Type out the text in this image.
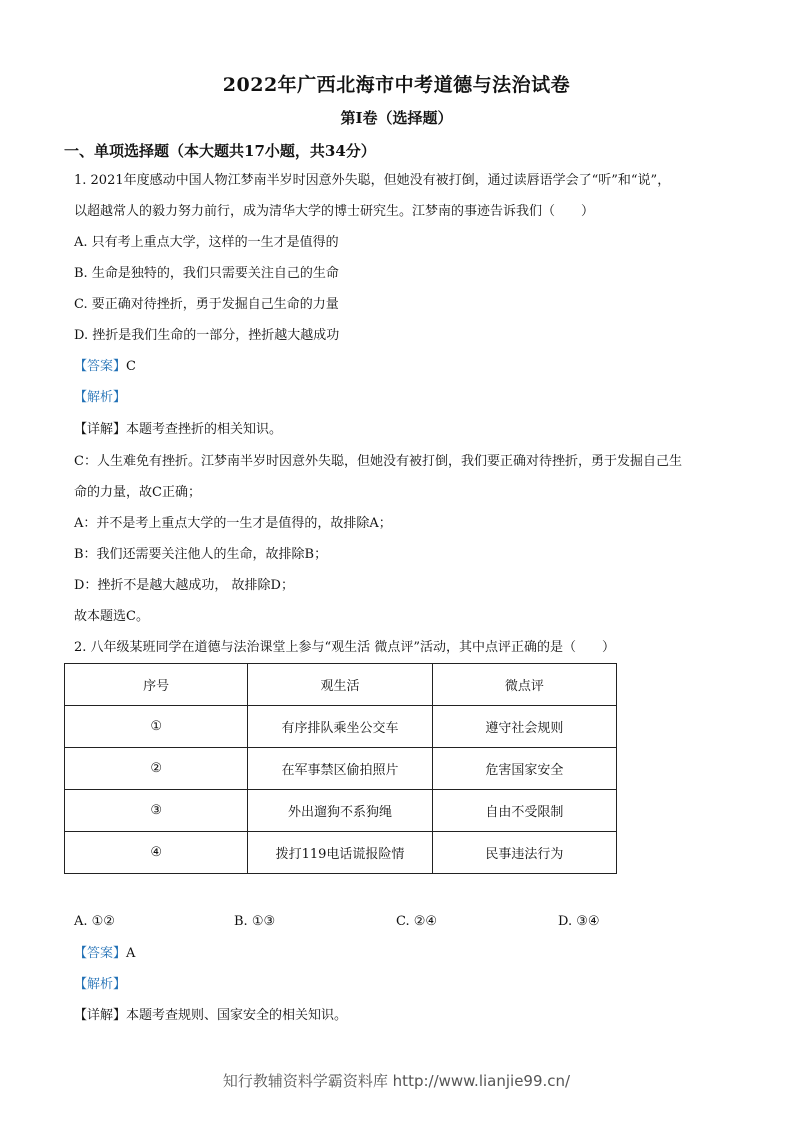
2022年广西北海市中考道德与法治试卷
第I卷（选择题）
一、单项选择题（本大题共17小题，共34分）
1. 2021年度感动中国人物江梦南半岁时因意外失聪，但她没有被打倒，通过读唇语学会了“听”和“说”，
以超越常人的毅力努力前行，成为清华大学的博士研究生。江梦南的事迹告诉我们（　　）
A. 只有考上重点大学，这样的一生才是值得的
B. 生命是独特的，我们只需要关注自己的生命
C. 要正确对待挫折，勇于发掘自己生命的力量
D. 挫折是我们生命的一部分，挫折越大越成功
【答案】C
【解析】
【详解】本题考查挫折的相关知识。
C：人生难免有挫折。江梦南半岁时因意外失聪，但她没有被打倒，我们要正确对待挫折，勇于发掘自己生
命的力量，故C正确；
A：并不是考上重点大学的一生才是值得的，故排除A；
B：我们还需要关注他人的生命，故排除B；
D：挫折不是越大越成功， 故排除D；
故本题选C。
2. 八年级某班同学在道德与法治课堂上参与“观生活 微点评”活动，其中点评正确的是（　　）
序号	观生活	微点评
①	有序排队乘坐公交车	遵守社会规则
②	在军事禁区偷拍照片	危害国家安全
③	外出遛狗不系狗绳	自由不受限制
④	拨打119电话谎报险情	民事违法行为
A. ①②	B. ①③	C. ②④	D. ③④
【答案】A
【解析】
【详解】本题考查规则、国家安全的相关知识。
知行教辅资料学霸资料库 http://www.lianjie99.cn/
